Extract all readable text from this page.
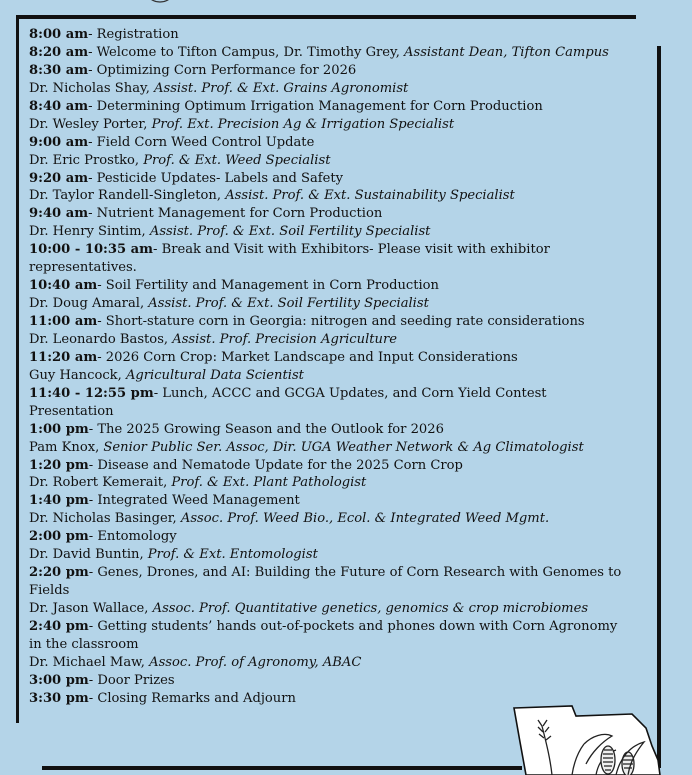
8:00 am- Registration
8:20 am- Welcome to Tifton Campus, Dr. Timothy Grey, Assistant Dean, Tifton Campus
8:30 am- Optimizing Corn Performance for 2026
Dr. Nicholas Shay, Assist. Prof. & Ext. Grains Agronomist
8:40 am- Determining Optimum Irrigation Management for Corn Production
Dr. Wesley Porter, Prof. Ext. Precision Ag & Irrigation Specialist
9:00 am- Field Corn Weed Control Update
Dr. Eric Prostko, Prof. & Ext. Weed Specialist
9:20 am- Pesticide Updates- Labels and Safety
Dr. Taylor Randell-Singleton, Assist. Prof. & Ext. Sustainability Specialist
9:40 am- Nutrient Management for Corn Production
Dr. Henry Sintim, Assist. Prof. & Ext. Soil Fertility Specialist
10:00 - 10:35 am- Break and Visit with Exhibitors- Please visit with exhibitor representatives.
10:40 am- Soil Fertility and Management in Corn Production
Dr. Doug Amaral, Assist. Prof. & Ext. Soil Fertility Specialist
11:00 am- Short-stature corn in Georgia: nitrogen and seeding rate considerations
Dr. Leonardo Bastos, Assist. Prof. Precision Agriculture
11:20 am- 2026 Corn Crop: Market Landscape and Input Considerations
Guy Hancock, Agricultural Data Scientist
11:40 - 12:55 pm- Lunch, ACCC and GCGA Updates, and Corn Yield Contest Presentation
1:00 pm- The 2025 Growing Season and the Outlook for 2026
Pam Knox, Senior Public Ser. Assoc, Dir. UGA Weather Network & Ag Climatologist
1:20 pm- Disease and Nematode Update for the 2025 Corn Crop
Dr. Robert Kemerait, Prof. & Ext. Plant Pathologist
1:40 pm- Integrated Weed Management
Dr. Nicholas Basinger, Assoc. Prof. Weed Bio., Ecol. & Integrated Weed Mgmt.
2:00 pm- Entomology
Dr. David Buntin, Prof. & Ext. Entomologist
2:20 pm- Genes, Drones, and AI: Building the Future of Corn Research with Genomes to Fields
Dr. Jason Wallace, Assoc. Prof. Quantitative genetics, genomics & crop microbiomes
2:40 pm- Getting students’ hands out-of-pockets and phones down with Corn Agronomy in the classroom
Dr. Michael Maw, Assoc. Prof. of Agronomy, ABAC
3:00 pm- Door Prizes
3:30 pm- Closing Remarks and Adjourn
